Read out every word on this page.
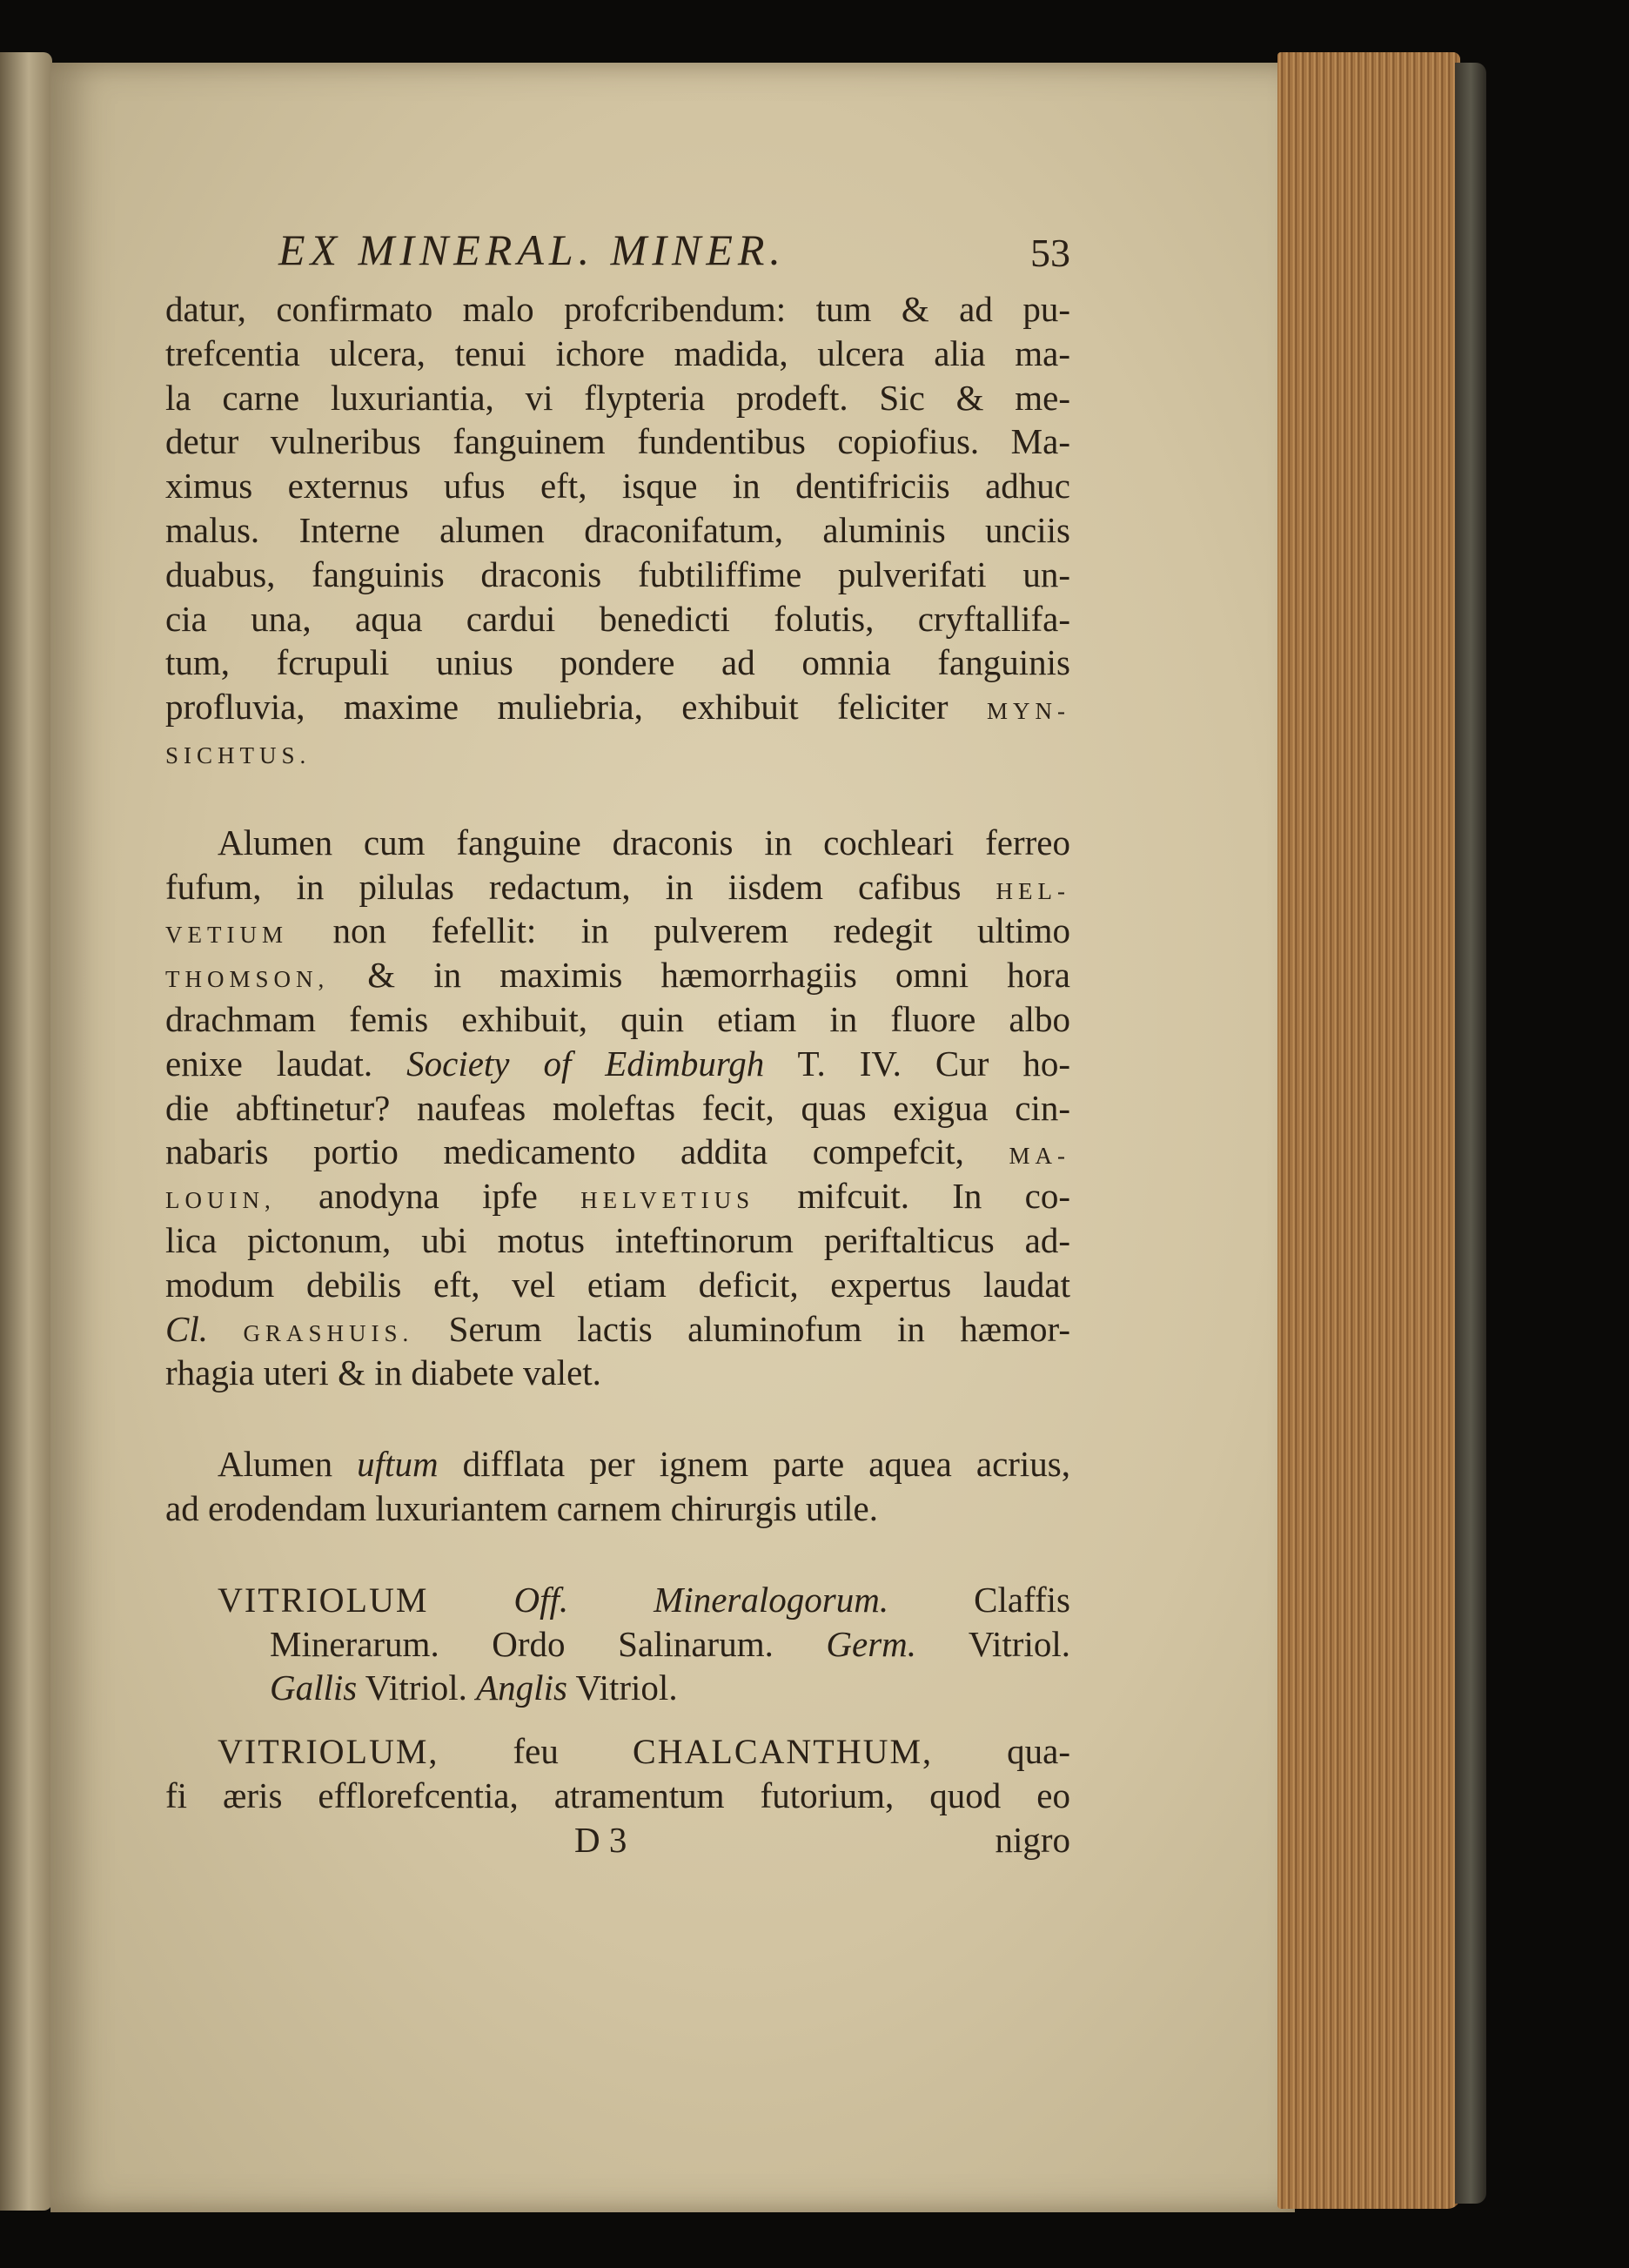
EX MINERAL. MINER.	53
datur, confirmato malo profcribendum: tum & ad pu-
trefcentia ulcera, tenui ichore madida, ulcera alia ma-
la carne luxuriantia, vi flypteria prodeft. Sic & me-
detur vulneribus fanguinem fundentibus copiofius. Ma-
ximus externus ufus eft, isque in dentifriciis adhuc
malus. Interne alumen draconifatum, aluminis unciis
duabus, fanguinis draconis fubtiliffime pulverifati un-
cia una, aqua cardui benedicti folutis, cryftallifa-
tum, fcrupuli unius pondere ad omnia fanguinis
profluvia, maxime muliebria, exhibuit feliciter MYN-
SICHTUS.
Alumen cum fanguine draconis in cochleari ferreo
fufum, in pilulas redactum, in iisdem cafibus HEL-
VETIUM non fefellit: in pulverem redegit ultimo
THOMSON, & in maximis hæmorrhagiis omni hora
drachmam femis exhibuit, quin etiam in fluore albo
enixe laudat. Society of Edimburgh T. IV. Cur ho-
die abftinetur? naufeas moleftas fecit, quas exigua cin-
nabaris portio medicamento addita compefcit, MA-
LOUIN, anodyna ipfe HELVETIUS mifcuit. In co-
lica pictonum, ubi motus inteftinorum periftalticus ad-
modum debilis eft, vel etiam deficit, expertus laudat
Cl. GRASHUIS. Serum lactis aluminofum in hæmor-
rhagia uteri & in diabete valet.
Alumen uftum difflata per ignem parte aquea acrius,
ad erodendam luxuriantem carnem chirurgis utile.
VITRIOLUM Off. Mineralogorum. Claffis
Minerarum. Ordo Salinarum. Germ. Vitriol.
Gallis Vitriol. Anglis Vitriol.
VITRIOLUM, feu CHALCANTHUM, qua-
fi æris efflorefcentia, atramentum futorium, quod eo
D 3	nigro
